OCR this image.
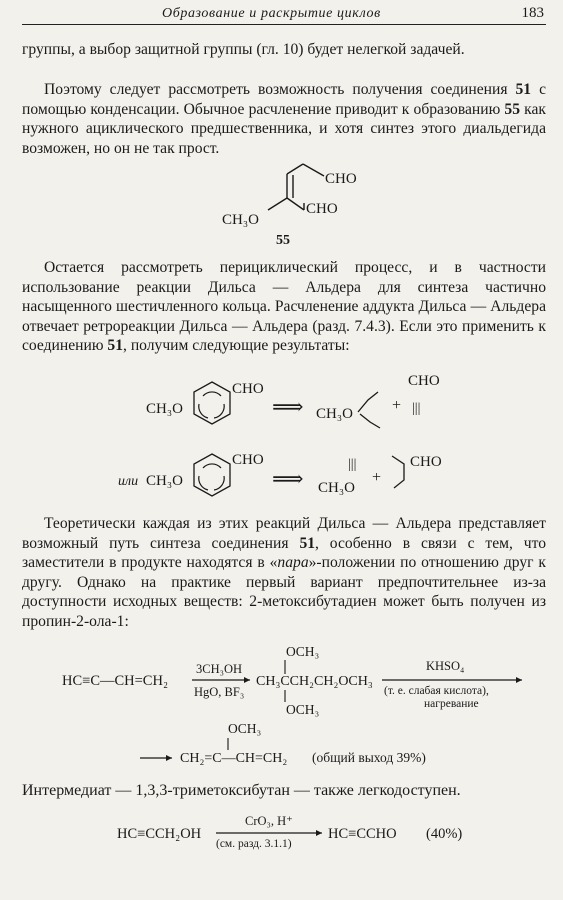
Образование и раскрытие циклов	183

группы, а выбор защитной группы (гл. 10) будет нелегкой задачей.

Поэтому следует рассмотреть возможность получения соединения 51 с помощью конденсации. Обычное расчленение приводит к образованию 55 как нужного ациклического предшественника, и хотя синтез этого диальдегида возможен, но он не так прост.

CHO
CHO
CH₃O
55

Остается рассмотреть перициклический процесс, и в частности использование реакции Дильса — Альдера для синтеза частично насыщенного шестичленного кольца. Расчленение аддукта Дильса — Альдера отвечает ретрореакции Дильса — Альдера (разд. 7.4.3). Если это применить к соединению 51, получим следующие результаты:

CH₃O
CHO
⟹ CH₃O +
CHO
|||
или CH₃O
CHO
⟹ CH₃O
|||
+
CHO

Теоретически каждая из этих реакций Дильса — Альдера представляет возможный путь синтеза соединения 51, особенно в связи с тем, что заместители в продукте находятся в «пара»-положении по отношению друг к другу. Однако на практике первый вариант предпочтительнее из-за доступности исходных веществ: 2-метоксибутадиен может быть получен из пропин-2-ола-1:

HC≡C—CH=CH₂
3CH₃OH
HgO, BF₃
OCH₃
CH₃CCH₂CH₂OCH₃
OCH₃
KHSO₄
(т. е. слабая кислота),
нагревание
OCH₃
CH₂=C—CH=CH₂ (общий выход 39%)

Интермедиат — 1,3,3-триметоксибутан — также легкодоступен.

HC≡CCH₂OH
CrO₃, H⁺
(см. разд. 3.1.1)
HC≡CCHO (40%)
